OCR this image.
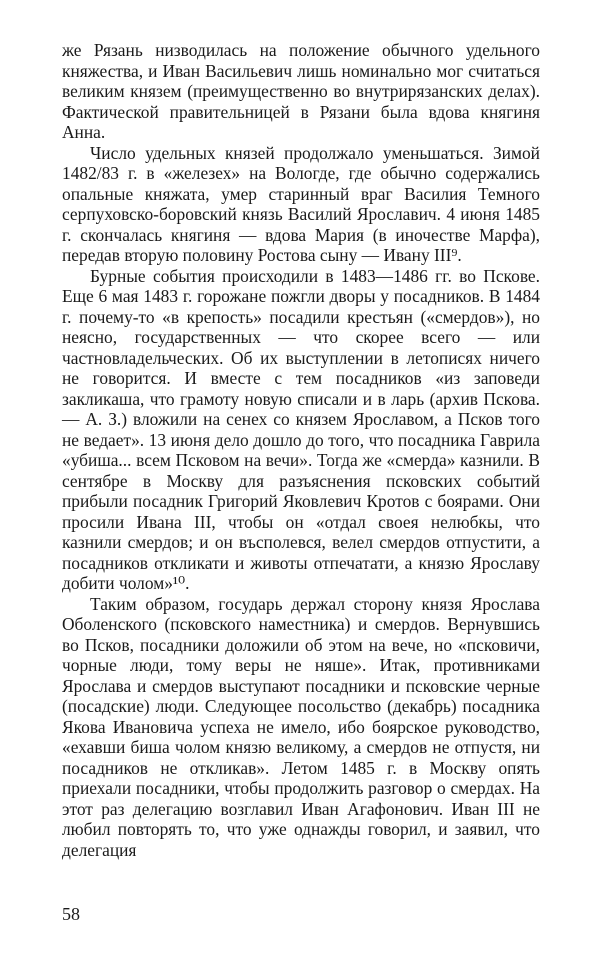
же Рязань низводилась на положение обычного удельного княжества, и Иван Васильевич лишь номинально мог считаться великим князем (преимущественно во внутрирязанских делах). Фактической правительницей в Рязани была вдова княгиня Анна.

Число удельных князей продолжало уменьшаться. Зимой 1482/83 г. в «железех» на Вологде, где обычно содержались опальные княжата, умер старинный враг Василия Темного серпуховско-боровский князь Василий Ярославич. 4 июня 1485 г. скончалась княгиня — вдова Мария (в иночестве Марфа), передав вторую половину Ростова сыну — Ивану III⁹.

Бурные события происходили в 1483—1486 гг. во Пскове. Еще 6 мая 1483 г. горожане пожгли дворы у посадников. В 1484 г. почему-то «в крепость» посадили крестьян («смердов»), но неясно, государственных — что скорее всего — или частновладельческих. Об их выступлении в летописях ничего не говорится. И вместе с тем посадников «из заповеди закликаша, что грамоту новую списали и в ларь (архив Пскова. — А. З.) вложили на сенех со князем Ярославом, а Псков того не ведает». 13 июня дело дошло до того, что посадника Гаврила «убиша... всем Псковом на вечи». Тогда же «смерда» казнили. В сентябре в Москву для разъяснения псковских событий прибыли посадник Григорий Яковлевич Кротов с боярами. Они просили Ивана III, чтобы он «отдал своея нелюбкы, что казнили смердов; и он въсполевся, велел смердов отпустити, а посадников откликати и животы отпечатати, а князю Ярославу добити чолом»¹⁰.

Таким образом, государь держал сторону князя Ярослава Оболенского (псковского наместника) и смердов. Вернувшись во Псков, посадники доложили об этом на вече, но «псковичи, чорные люди, тому веры не няше». Итак, противниками Ярослава и смердов выступают посадники и псковские черные (посадские) люди. Следующее посольство (декабрь) посадника Якова Ивановича успеха не имело, ибо боярское руководство, «ехавши биша чолом князю великому, а смердов не отпустя, ни посадников не откликав». Летом 1485 г. в Москву опять приехали посадники, чтобы продолжить разговор о смердах. На этот раз делегацию возглавил Иван Агафонович. Иван III не любил повторять то, что уже однажды говорил, и заявил, что делегация

58
